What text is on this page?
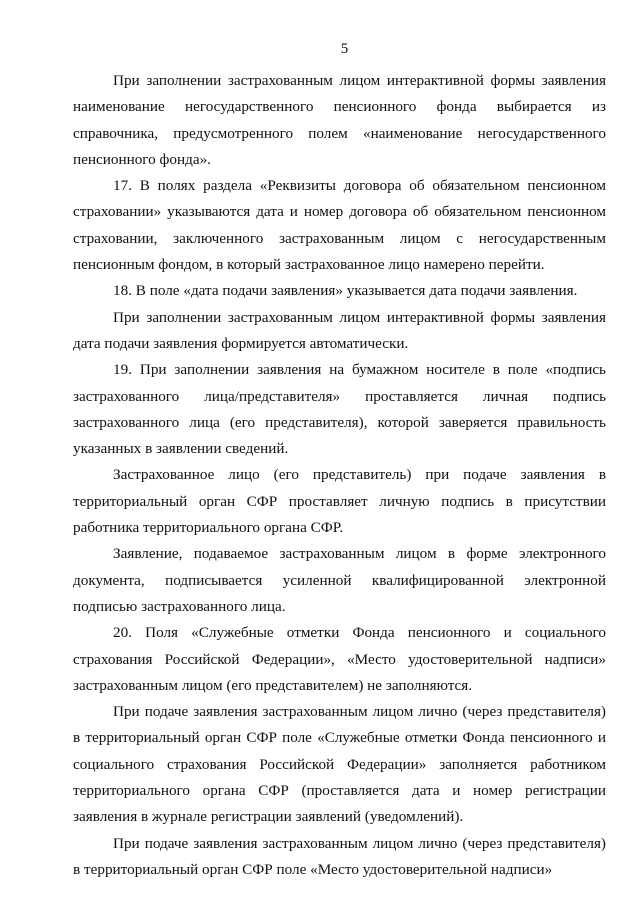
5

При заполнении застрахованным лицом интерактивной формы заявления наименование негосударственного пенсионного фонда выбирается из справочника, предусмотренного полем «наименование негосударственного пенсионного фонда».

17. В полях раздела «Реквизиты договора об обязательном пенсионном страховании» указываются дата и номер договора об обязательном пенсионном страховании, заключенного застрахованным лицом с негосударственным пенсионным фондом, в который застрахованное лицо намерено перейти.

18. В поле «дата подачи заявления» указывается дата подачи заявления.

При заполнении застрахованным лицом интерактивной формы заявления дата подачи заявления формируется автоматически.

19. При заполнении заявления на бумажном носителе в поле «подпись застрахованного лица/представителя» проставляется личная подпись застрахованного лица (его представителя), которой заверяется правильность указанных в заявлении сведений.

Застрахованное лицо (его представитель) при подаче заявления в территориальный орган СФР проставляет личную подпись в присутствии работника территориального органа СФР.

Заявление, подаваемое застрахованным лицом в форме электронного документа, подписывается усиленной квалифицированной электронной подписью застрахованного лица.

20. Поля «Служебные отметки Фонда пенсионного и социального страхования Российской Федерации», «Место удостоверительной надписи» застрахованным лицом (его представителем) не заполняются.

При подаче заявления застрахованным лицом лично (через представителя) в территориальный орган СФР поле «Служебные отметки Фонда пенсионного и социального страхования Российской Федерации» заполняется работником территориального органа СФР (проставляется дата и номер регистрации заявления в журнале регистрации заявлений (уведомлений).

При подаче заявления застрахованным лицом лично (через представителя) в территориальный орган СФР поле «Место удостоверительной надписи»
